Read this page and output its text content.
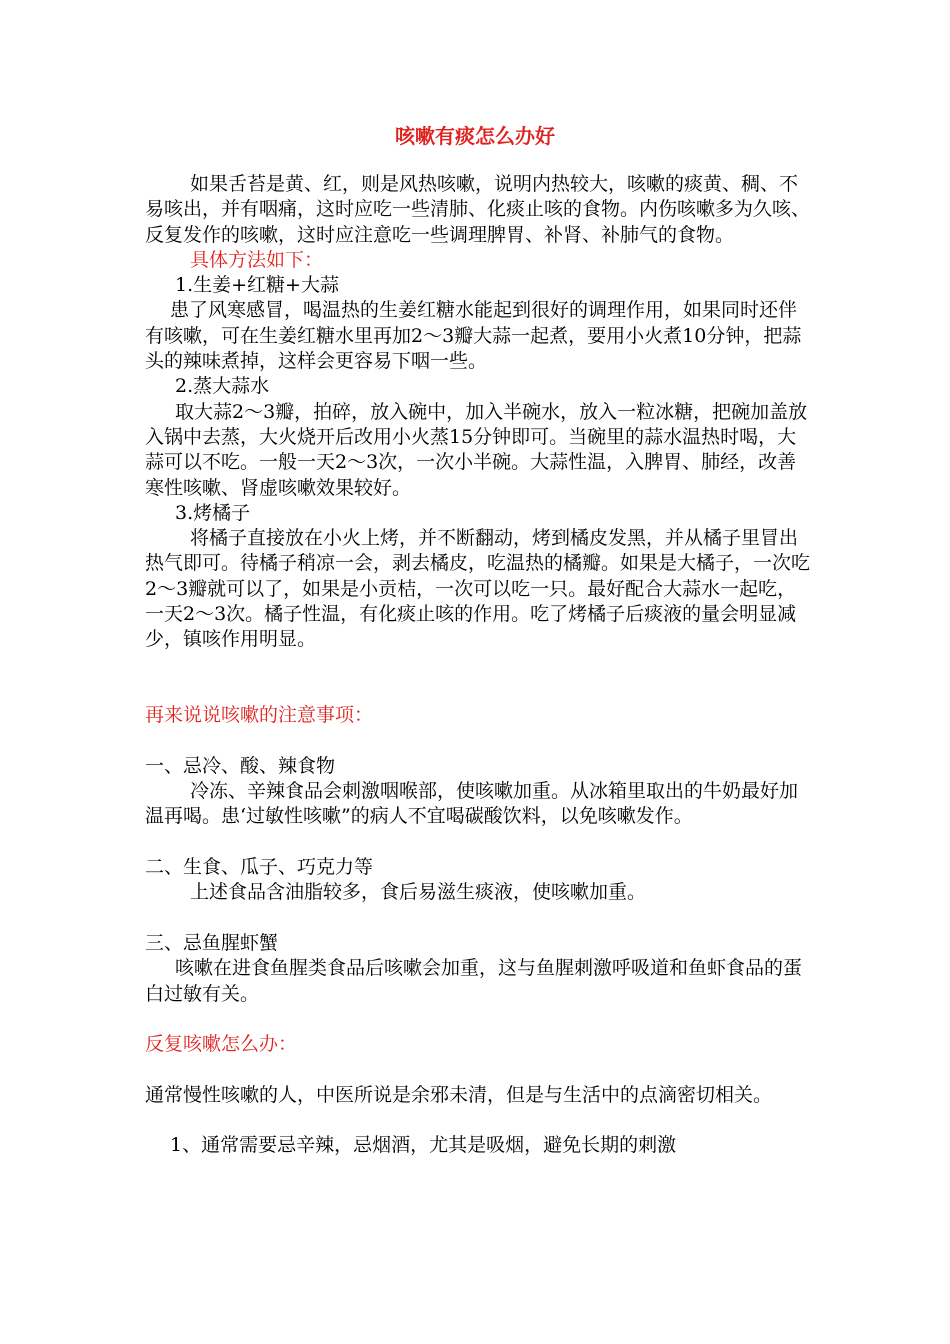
咳嗽有痰怎么办好

如果舌苔是黄、红，则是风热咳嗽，说明内热较大，咳嗽的痰黄、稠、不易咳出，并有咽痛，这时应吃一些清肺、化痰止咳的食物。内伤咳嗽多为久咳、反复发作的咳嗽，这时应注意吃一些调理脾胃、补肾、补肺气的食物。

具体方法如下：

1.生姜+红糖+大蒜

患了风寒感冒，喝温热的生姜红糖水能起到很好的调理作用，如果同时还伴有咳嗽，可在生姜红糖水里再加2～3瓣大蒜一起煮，要用小火煮10分钟，把蒜头的辣味煮掉，这样会更容易下咽一些。

2.蒸大蒜水

取大蒜2～3瓣，拍碎，放入碗中，加入半碗水，放入一粒冰糖，把碗加盖放入锅中去蒸，大火烧开后改用小火蒸15分钟即可。当碗里的蒜水温热时喝，大蒜可以不吃。一般一天2～3次，一次小半碗。大蒜性温，入脾胃、肺经，改善寒性咳嗽、肾虚咳嗽效果较好。

3.烤橘子

将橘子直接放在小火上烤，并不断翻动，烤到橘皮发黑，并从橘子里冒出热气即可。待橘子稍凉一会，剥去橘皮，吃温热的橘瓣。如果是大橘子，一次吃2～3瓣就可以了，如果是小贡桔，一次可以吃一只。最好配合大蒜水一起吃，一天2～3次。橘子性温，有化痰止咳的作用。吃了烤橘子后痰液的量会明显减少，镇咳作用明显。

再来说说咳嗽的注意事项：

一、忌冷、酸、辣食物

冷冻、辛辣食品会刺激咽喉部，使咳嗽加重。从冰箱里取出的牛奶最好加温再喝。患‘过敏性咳嗽”的病人不宜喝碳酸饮料，以免咳嗽发作。

二、生食、瓜子、巧克力等

上述食品含油脂较多，食后易滋生痰液，使咳嗽加重。

三、忌鱼腥虾蟹

咳嗽在进食鱼腥类食品后咳嗽会加重，这与鱼腥刺激呼吸道和鱼虾食品的蛋白过敏有关。

反复咳嗽怎么办：

通常慢性咳嗽的人，中医所说是余邪未清，但是与生活中的点滴密切相关。

1、通常需要忌辛辣，忌烟酒，尤其是吸烟，避免长期的刺激
